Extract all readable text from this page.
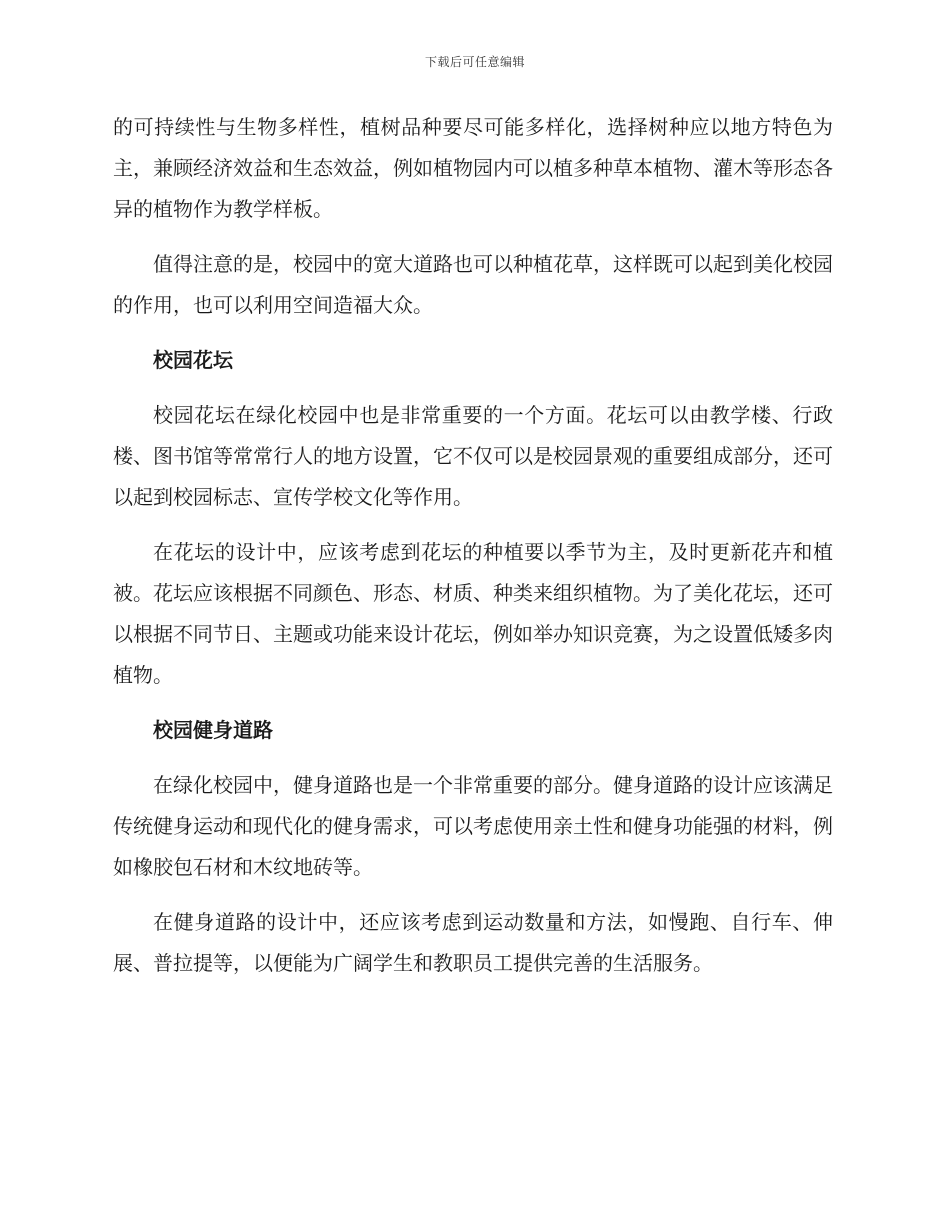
下载后可任意编辑

的可持续性与生物多样性，植树品种要尽可能多样化，选择树种应以地方特色为主，兼顾经济效益和生态效益，例如植物园内可以植多种草本植物、灌木等形态各异的植物作为教学样板。

值得注意的是，校园中的宽大道路也可以种植花草，这样既可以起到美化校园的作用，也可以利用空间造福大众。

校园花坛

校园花坛在绿化校园中也是非常重要的一个方面。花坛可以由教学楼、行政楼、图书馆等常常行人的地方设置，它不仅可以是校园景观的重要组成部分，还可以起到校园标志、宣传学校文化等作用。

在花坛的设计中，应该考虑到花坛的种植要以季节为主，及时更新花卉和植被。花坛应该根据不同颜色、形态、材质、种类来组织植物。为了美化花坛，还可以根据不同节日、主题或功能来设计花坛，例如举办知识竞赛，为之设置低矮多肉植物。

校园健身道路

在绿化校园中，健身道路也是一个非常重要的部分。健身道路的设计应该满足传统健身运动和现代化的健身需求，可以考虑使用亲土性和健身功能强的材料，例如橡胶包石材和木纹地砖等。

在健身道路的设计中，还应该考虑到运动数量和方法，如慢跑、自行车、伸展、普拉提等，以便能为广阔学生和教职员工提供完善的生活服务。
